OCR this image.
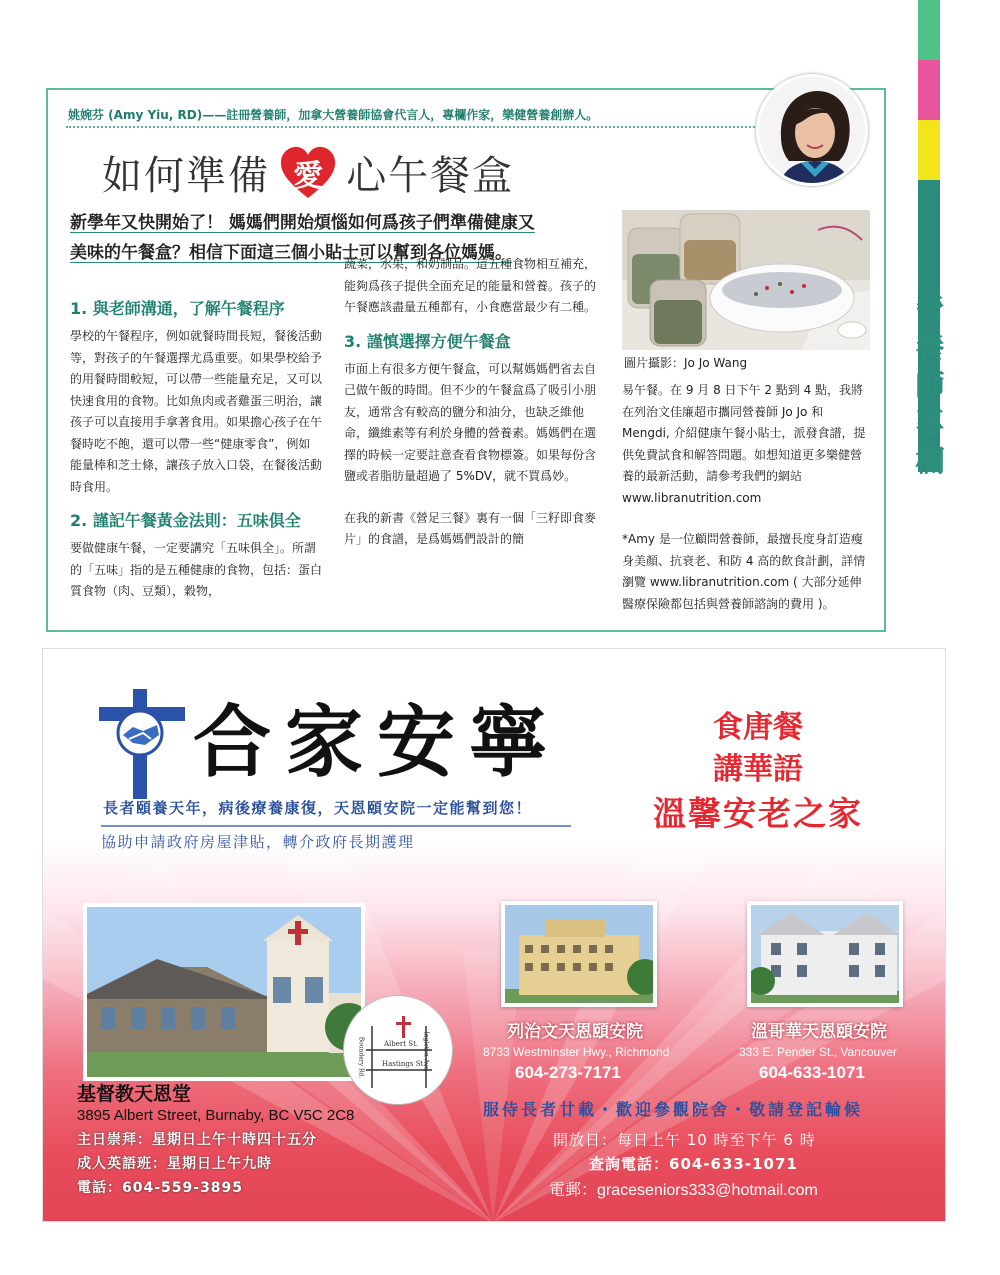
43
營
養
師
專
欄
姚婉芬 (Amy Yiu, RD)——註冊營養師，加拿大營養師協會代言人，專欄作家，樂健營養創辦人。
如何準備 愛 心午餐盒
新學年又快開始了！ 媽媽們開始煩惱如何爲孩子們準備健康又
美味的午餐盒？相信下面這三個小貼士可以幫到各位媽媽。
1. 與老師溝通，了解午餐程序

學校的午餐程序，例如就餐時間長短，餐後活動等，對孩子的午餐選擇尤爲重要。如果學校給予的用餐時間較短，可以帶一些能量充足，又可以快速食用的食物。比如魚肉或者雞蛋三明治，讓孩子可以直接用手拿著食用。如果擔心孩子在午餐時吃不飽，還可以帶一些“健康零食”，例如能量棒和芝士條，讓孩子放入口袋，在餐後活動時食用。

2. 謹記午餐黃金法則：五味俱全

要做健康午餐，一定要講究「五味俱全」。所謂的「五味」指的是五種健康的食物，包括：蛋白質食物（肉、豆類），穀物，

蔬菜，水果，和奶制品。這五種食物相互補充，能夠爲孩子提供全面充足的能量和營養。孩子的午餐應該盡量五種都有，小食應當最少有二種。

3. 謹慎選擇方便午餐盒

市面上有很多方便午餐盒，可以幫媽媽們省去自己做午飯的時間。但不少的午餐盒爲了吸引小朋友，通常含有較高的鹽分和油分，也缺乏維他命，纖維素等有利於身體的營養素。媽媽們在選擇的時候一定要註意查看食物標簽。如果每份含鹽或者脂肪量超過了 5%DV，就不買爲妙。

在我的新書《營足三餐》裏有一個「三籽即食麥片」的食譜，是爲媽媽們設計的簡

圖片攝影：Jo Jo Wang

易午餐。在 9 月 8 日下午 2 點到 4 點，我將在列治文佳廉超市攜同營養師 Jo Jo 和 Mengdi, 介紹健康午餐小貼士，派發食譜，提供免費試食和解答問題。如想知道更多樂健營養的最新活動，請參考我們的網站 www.libranutrition.com

*Amy 是一位顧問營養師，最擅長度身訂造瘦身美顏、抗衰老、和防 4 高的飲食計劃，詳情瀏覽 www.libranutrition.com ( 大部分延伸醫療保險都包括與營養師諮詢的費用 )。

合家安寧
長者頤養天年，病後療養康復，天恩頤安院一定能幫到您！
協助申請政府房屋津貼，轉介政府長期護理
食唐餐
講華語
溫馨安老之家
Albert St.
Hastings St.
Boundary Rd.	Ingleton Ave.
基督教天恩堂
3895 Albert Street, Burnaby, BC V5C 2C8
主日崇拜：星期日上午十時四十五分
成人英語班：星期日上午九時
電話：604-559-3895
列治文天恩頤安院
8733 Westminster Hwy., Richmond
604-273-7171
溫哥華天恩頤安院
333 E. Pender St., Vancouver
604-633-1071
服侍長者廿載・歡迎參觀院舍・敬請登記輪候
開放日：每日上午 10 時至下午 6 時
查詢電話：604-633-1071
電郵：graceseniors333@hotmail.com
